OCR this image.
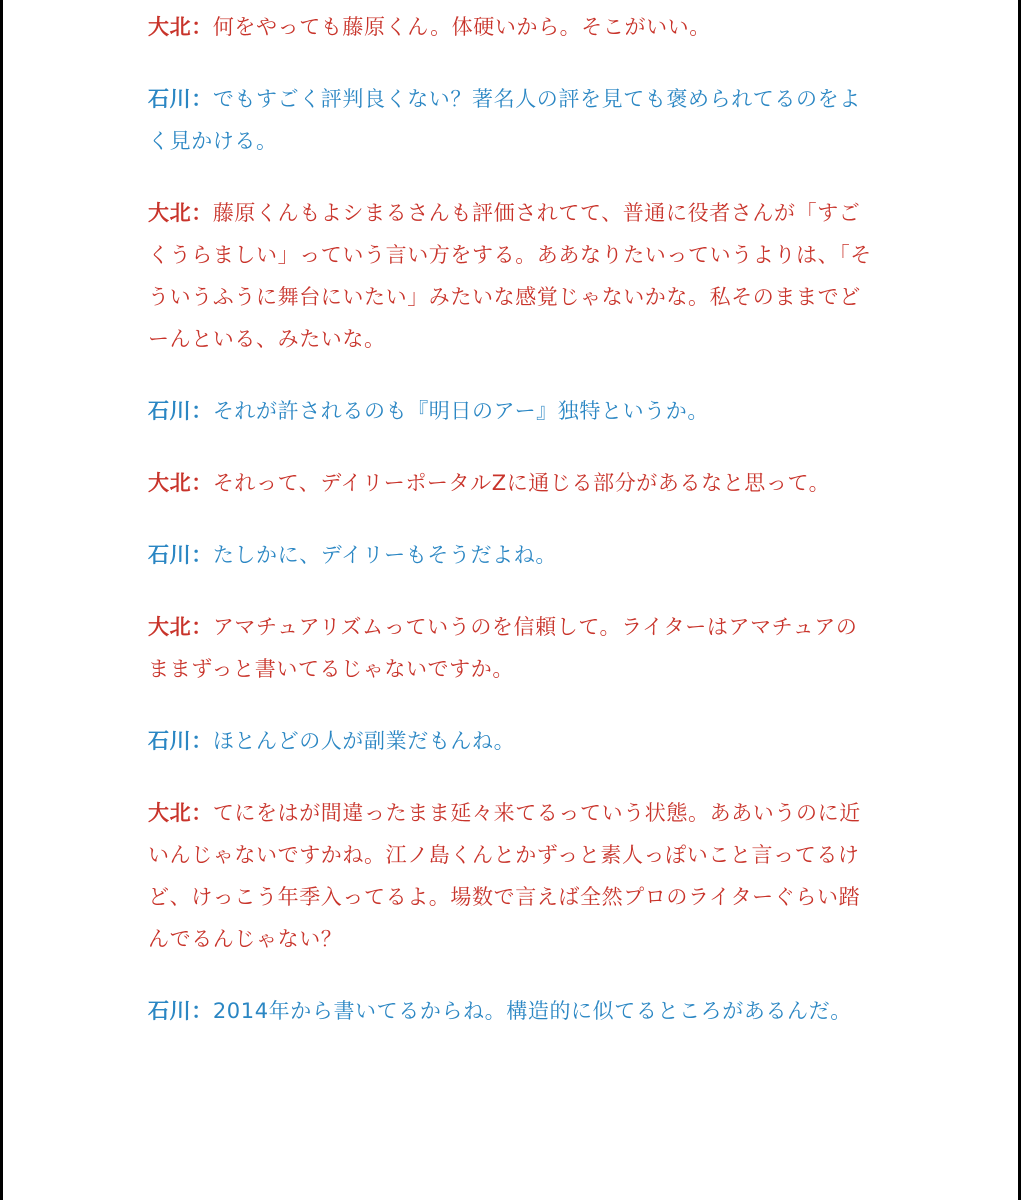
大北：何をやっても藤原くん。体硬いから。そこがいい。

石川：でもすごく評判良くない？著名人の評を見ても褒められてるのをよく見かける。

大北：藤原くんもよシまるさんも評価されてて、普通に役者さんが「すごくうらましい」っていう言い方をする。ああなりたいっていうよりは、「そういうふうに舞台にいたい」みたいな感覚じゃないかな。私そのままでどーんといる、みたいな。

石川：それが許されるのも『明日のアー』独特というか。

大北：それって、デイリーポータルZに通じる部分があるなと思って。

石川：たしかに、デイリーもそうだよね。

大北：アマチュアリズムっていうのを信頼して。ライターはアマチュアのままずっと書いてるじゃないですか。

石川：ほとんどの人が副業だもんね。

大北：てにをはが間違ったまま延々来てるっていう状態。ああいうのに近いんじゃないですかね。江ノ島くんとかずっと素人っぽいこと言ってるけど、けっこう年季入ってるよ。場数で言えば全然プロのライターぐらい踏んでるんじゃない？

石川：2014年から書いてるからね。構造的に似てるところがあるんだ。
